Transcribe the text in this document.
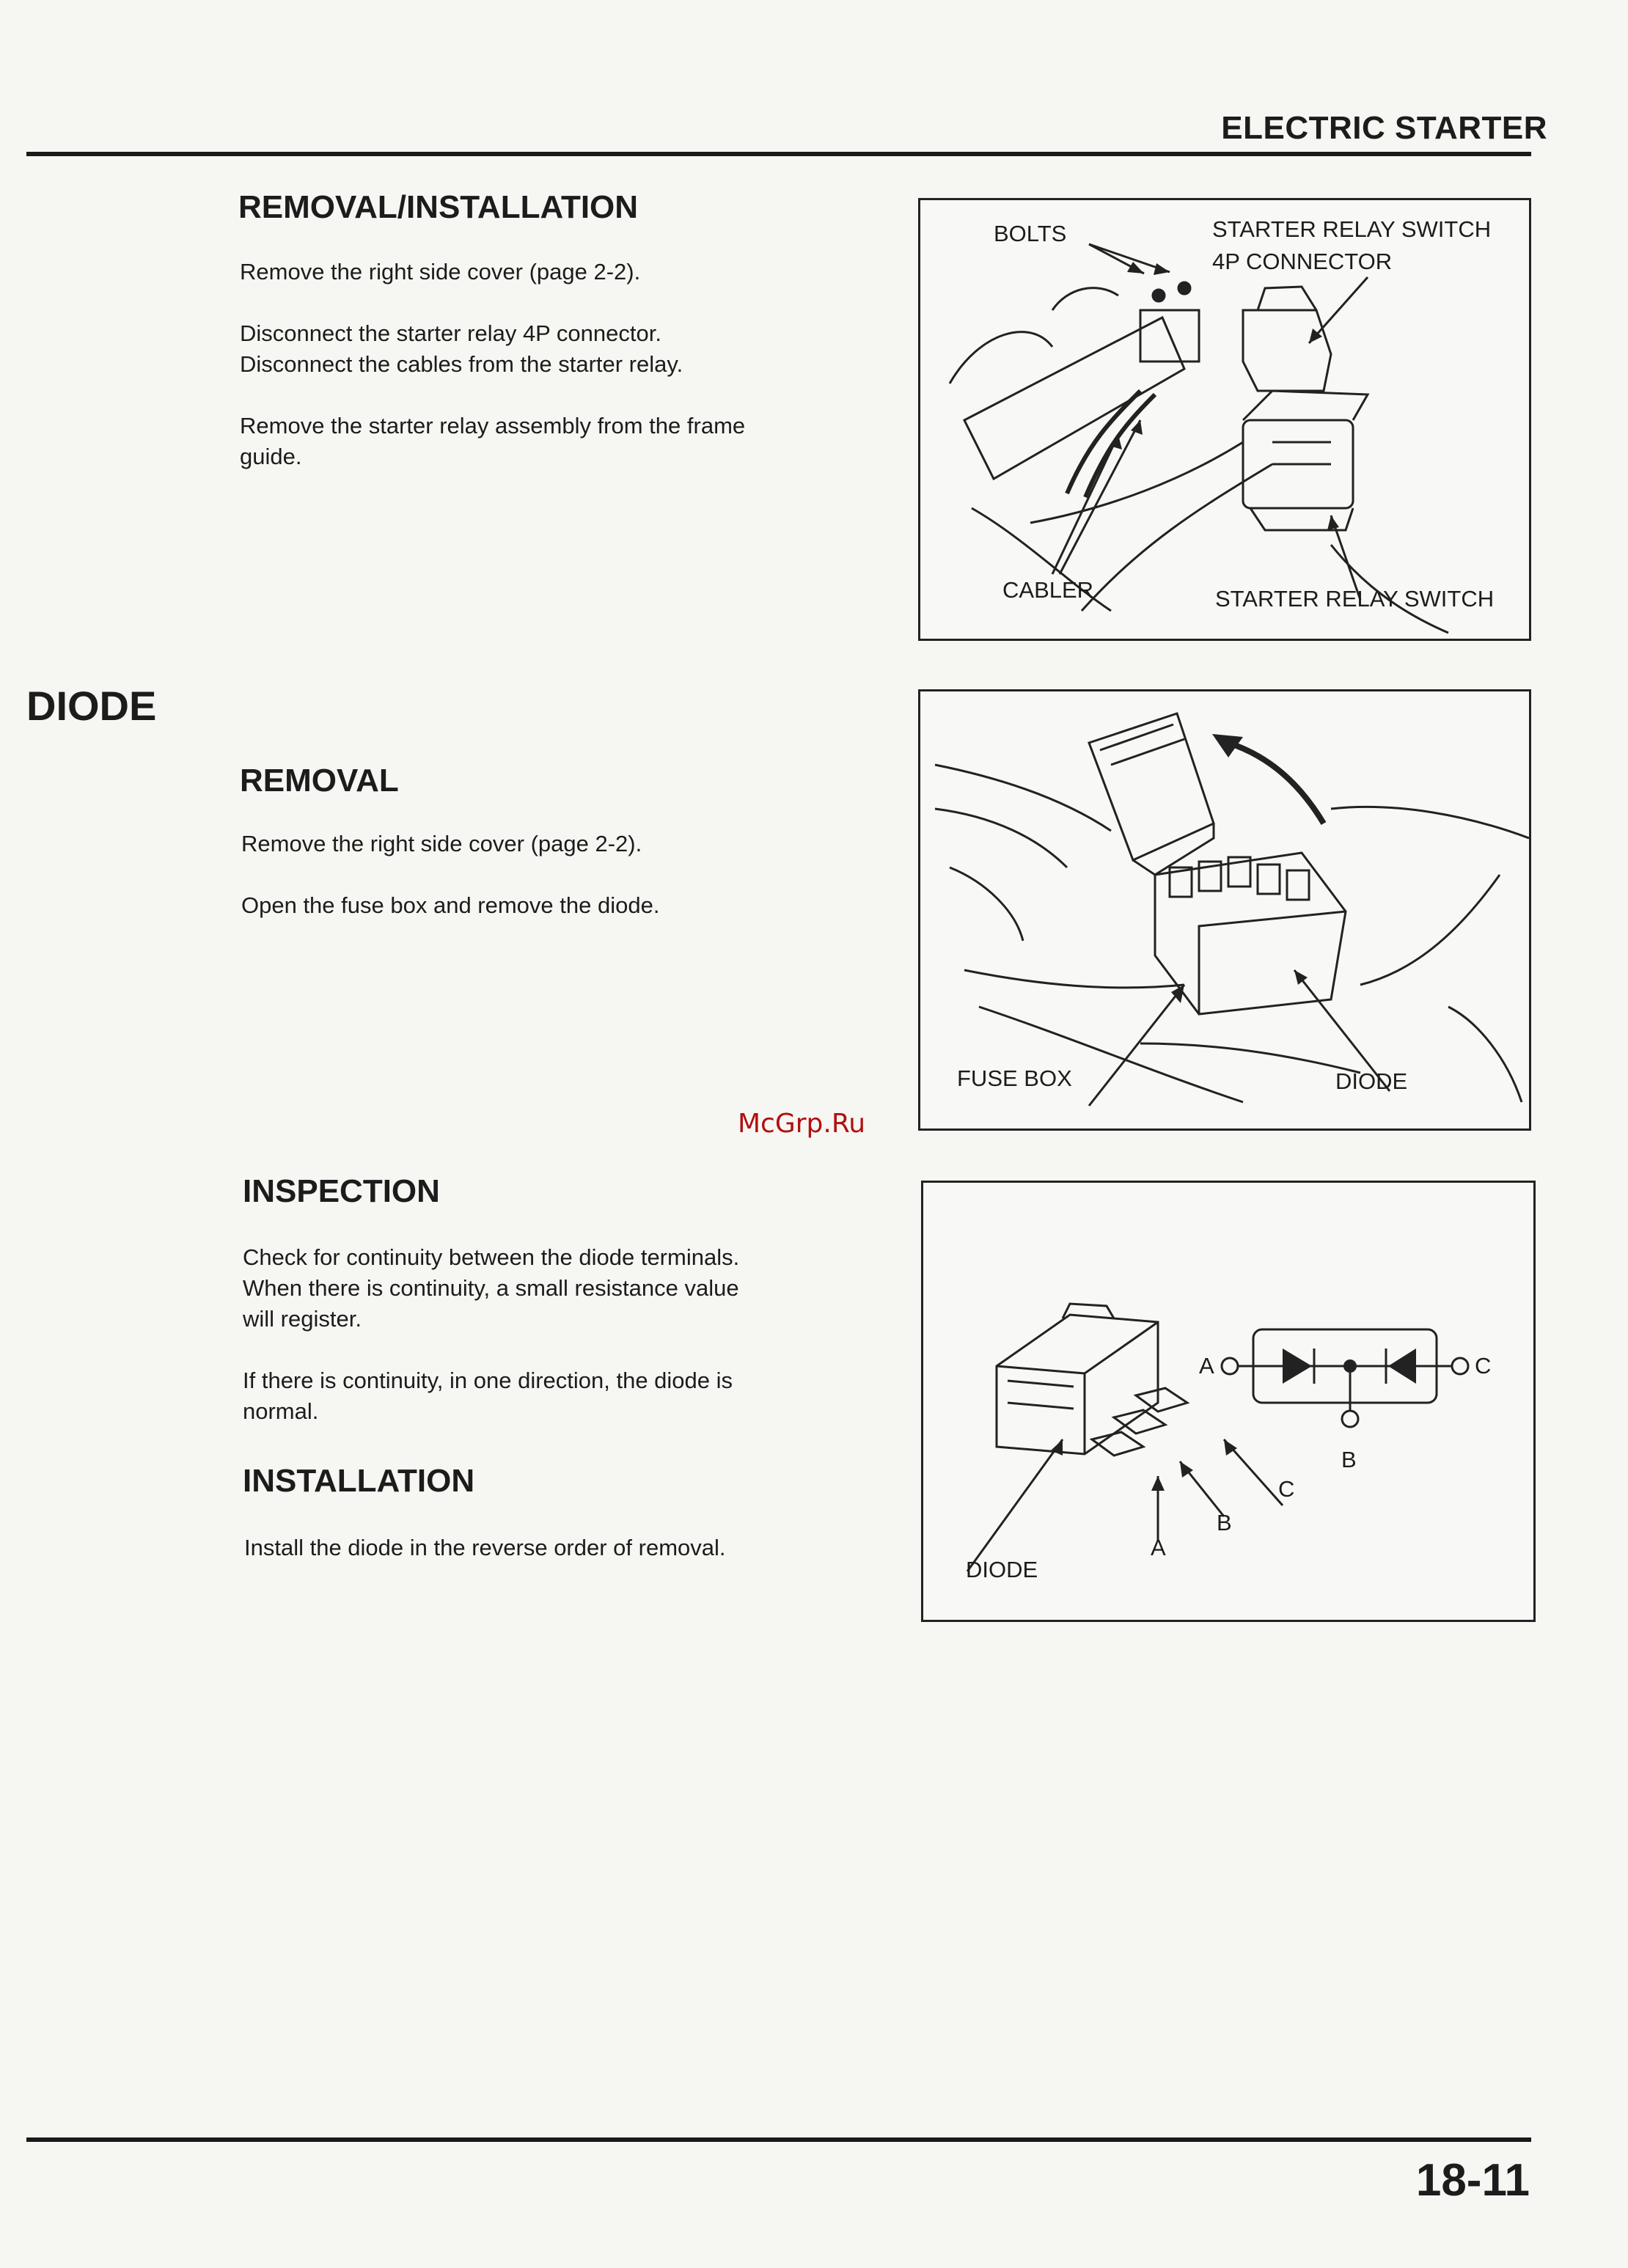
ELECTRIC STARTER
REMOVAL/INSTALLATION

Remove the right side cover (page 2-2).

Disconnect the starter relay 4P connector.
Disconnect the cables from the starter relay.

Remove the starter relay assembly from the frame guide.

BOLTS	STARTER RELAY SWITCH
4P CONNECTOR
CABLER	STARTER RELAY SWITCH
DIODE
REMOVAL

Remove the right side cover (page 2-2).

Open the fuse box and remove the diode.

FUSE BOX	DIODE
McGrp.Ru
INSPECTION

Check for continuity between the diode terminals.
When there is continuity, a small resistance value
will register.

If there is continuity, in one direction, the diode is
normal.

INSTALLATION

Install the diode in the reverse order of removal.

DIODE
A
B
C
A
B
C
18-11
